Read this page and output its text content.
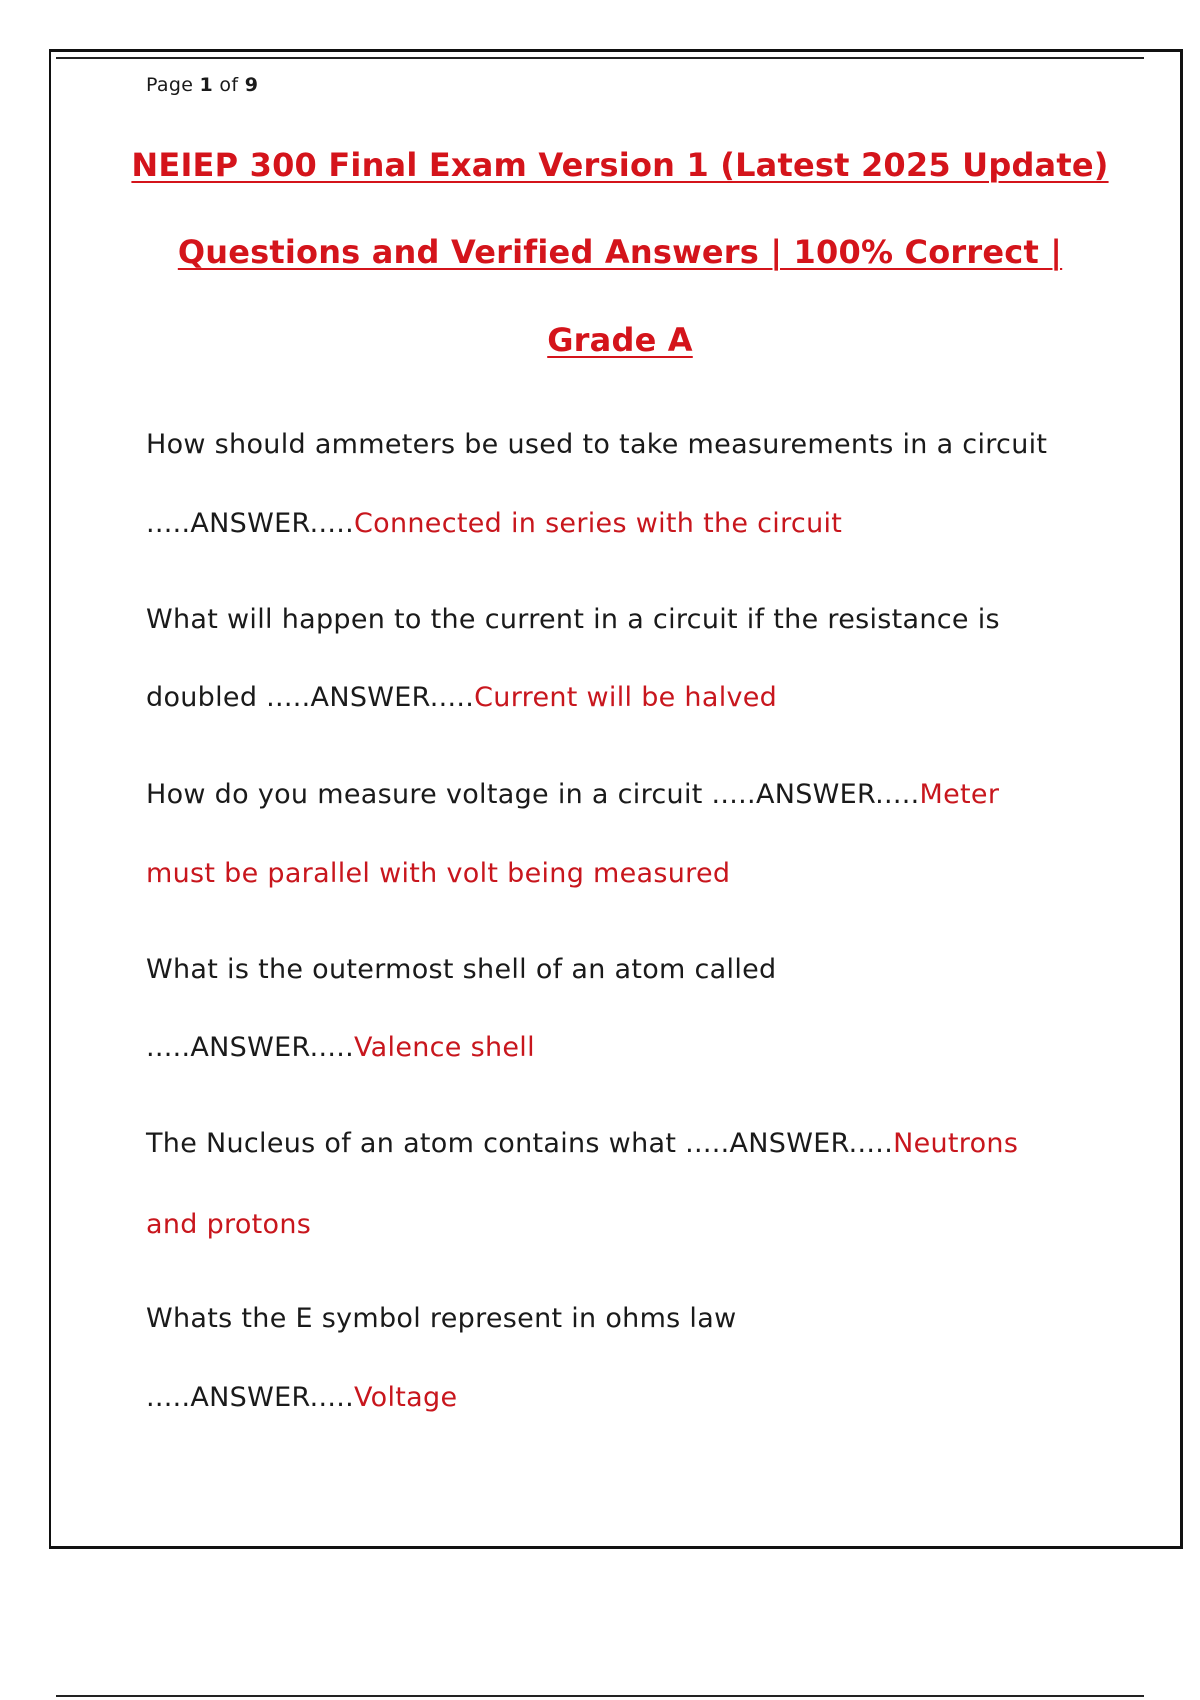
Page 1 of 9
NEIEP 300 Final Exam Version 1 (Latest 2025 Update)
Questions and Verified Answers | 100% Correct |
Grade A
How should ammeters be used to take measurements in a circuit
.....ANSWER.....Connected in series with the circuit
What will happen to the current in a circuit if the resistance is
doubled .....ANSWER.....Current will be halved
How do you measure voltage in a circuit .....ANSWER.....Meter
must be parallel with volt being measured
What is the outermost shell of an atom called
.....ANSWER.....Valence shell
The Nucleus of an atom contains what .....ANSWER.....Neutrons
and protons
Whats the E symbol represent in ohms law
.....ANSWER.....Voltage
